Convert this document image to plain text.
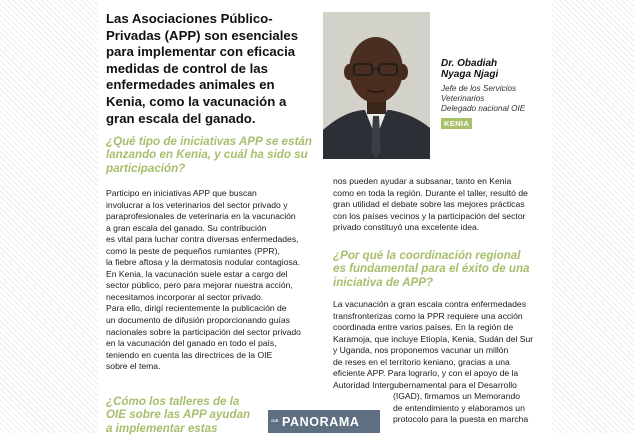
Las Asociaciones Público-Privadas (APP) son esenciales para implementar con eficacia medidas de control de las enfermedades animales en Kenia, como la vacunación a gran escala del ganado.

Dr. Obadiah
Nyaga Njagi
Jefe de los Servicios
Veterinarios
Delegado nacional OIE
KENIA
¿Qué tipo de iniciativas APP se están lanzando en Kenia, y cuál ha sido su participación?

Participo en iniciativas APP que buscan

involucrar a los veterinarios del sector privado y

paraprofesionales de veterinaria en la vacunación

a gran escala del ganado. Su contribución

es vital para luchar contra diversas enfermedades,

como la peste de pequeños rumiantes (PPR),

la fiebre aftosa y la dermatosis nodular contagiosa.

En Kenia, la vacunación suele estar a cargo del

sector público, pero para mejorar nuestra acción,

necesitamos incorporar al sector privado.

Para ello, dirigí recientemente la publicación de

un documento de difusión proporcionando guías

nacionales sobre la participación del sector privado

en la vacunación del ganado en todo el país,

teniendo en cuenta las directrices de la OIE

sobre el tema.

¿Cómo los talleres de la OIE sobre las APP ayudan a implementar estas

nos pueden ayudar a subsanar, tanto en Kenia

como en toda la región. Durante el taller, resultó de

gran utilidad el debate sobre las mejores prácticas

con los países vecinos y la participación del sector

privado constituyó una excelente idea.

¿Por qué la coordinación regional es fundamental para el éxito de una iniciativa de APP?

La vacunación a gran escala contra enfermedades

transfronterizas como la PPR requiere una acción

coordinada entre varios países. En la región de

Karamoja, que incluye Etiopía, Kenia, Sudán del Sur

y Uganda, nos proponemos vacunar un millón

de reses en el territorio keniano, gracias a una

eficiente APP. Para lograrlo, y con el apoyo de la

Autoridad Intergubernamental para el Desarrollo

(IGAD), firmamos un Memorando

de entendimiento y elaboramos un

protocolo para la puesta en marcha

OIE PANORAMA
